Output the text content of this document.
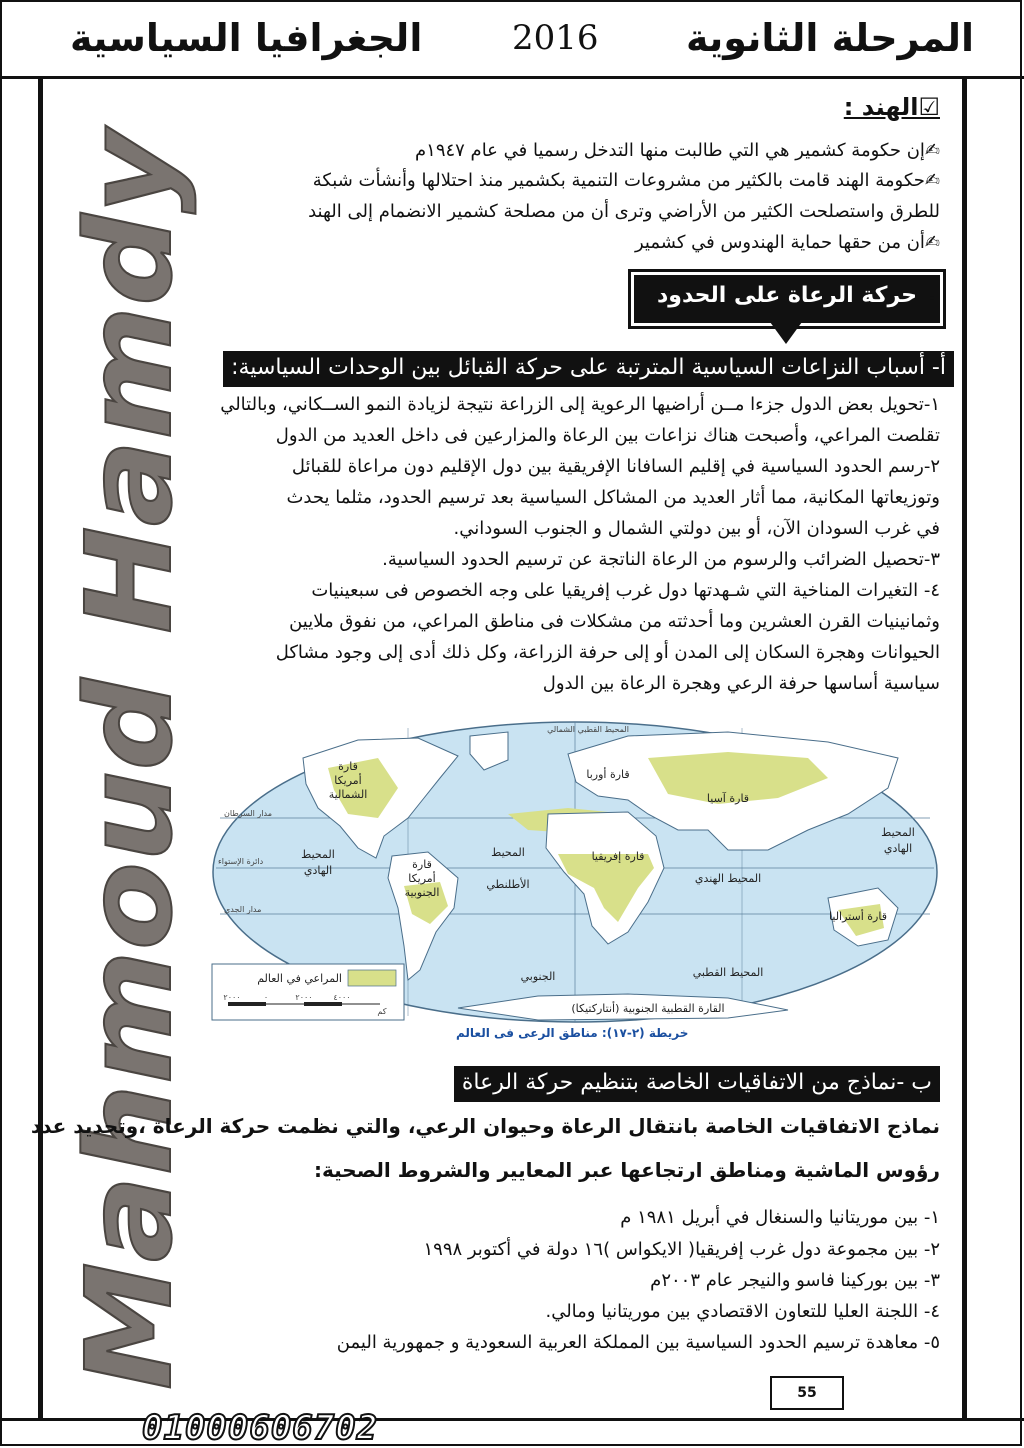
المرحلة الثانوية
2016
الجغرافيا السياسية
Mahmoud Hamdy
☑الهند :
✍إن حكومة كشمير هي التي طالبت منها التدخل رسميا في عام ١٩٤٧م
✍حكومة الهند قامت بالكثير من مشروعات التنمية بكشمير منذ احتلالها وأنشأت شبكة
للطرق واستصلحت الكثير من الأراضي وترى أن من مصلحة كشمير الانضمام إلى الهند
✍أن من حقها حماية الهندوس في كشمير
حركة الرعاة على الحدود
أ- أسباب النزاعات السياسية المترتبة على حركة القبائل بين الوحدات السياسية:
١-تحويل بعض الدول جزءا مــن أراضيها الرعوية إلى الزراعة نتيجة لزيادة النمو الســكاني، وبالتالي
تقلصت المراعي، وأصبحت هناك نزاعات بين الرعاة والمزارعين فى داخل العديد من الدول
٢-رسم الحدود السياسية في إقليم السافانا الإفريقية بين دول الإقليم دون مراعاة للقبائل
وتوزيعاتها المكانية، مما أثار العديد من المشاكل السياسية بعد ترسيم الحدود، مثلما يحدث
في غرب السودان الآن، أو بين دولتي الشمال و الجنوب السوداني.
٣-تحصيل الضرائب والرسوم من الرعاة الناتجة عن ترسيم الحدود السياسية.
٤- التغيرات المناخية التي شـهدتها دول غرب إفريقيا على وجه الخصوص فى سبعينيات
وثمانينيات القرن العشرين وما أحدثته من مشكلات فى مناطق المراعي، من نفوق ملايين
الحيوانات وهجرة السكان إلى المدن أو إلى حرفة الزراعة، وكل ذلك أدى إلى وجود مشاكل
سياسية أساسها حرفة الرعي وهجرة الرعاة بين الدول
قارة
أمريكا
الشمالية
قارة
أمريكا
الجنوبية
قارة أوربا
قارة آسيا
قارة إفريقيا
قارة أستراليا
القارة القطبية الجنوبية (أنتاركتيكا)
المحيط القطبي الشمالي
المحيط
الهادي
المحيط
الهادي
المحيط
الأطلنطي	المحيط الهندي
المحيط القطبي
الجنوبي
مدار السرطان
دائرة الإستواء
مدار الجدي
المراعي في العالم
٢٠٠٠	٠	٢٠٠٠	٤٠٠٠
كم
خريطة (٢-١٧): مناطق الرعى فى العالم
ب -نماذج من الاتفاقيات الخاصة بتنظيم حركة الرعاة
نماذج الاتفاقيات الخاصة بانتقال الرعاة وحيوان الرعي، والتي نظمت حركة الرعاة ،وتحديد عدد
رؤوس الماشية ومناطق ارتجاعها عبر المعايير والشروط الصحية:
١- بين موريتانيا والسنغال في أبريل ١٩٨١ م
٢- بين مجموعة دول غرب إفريقيا( الايكواس )١٦ دولة في أكتوبر ١٩٩٨
٣- بين بوركينا فاسو والنيجر عام ٢٠٠٣م
٤- اللجنة العليا للتعاون الاقتصادي بين موريتانيا ومالي.
٥- معاهدة ترسيم الحدود السياسية بين المملكة العربية السعودية و جمهورية اليمن
01000606702
55
